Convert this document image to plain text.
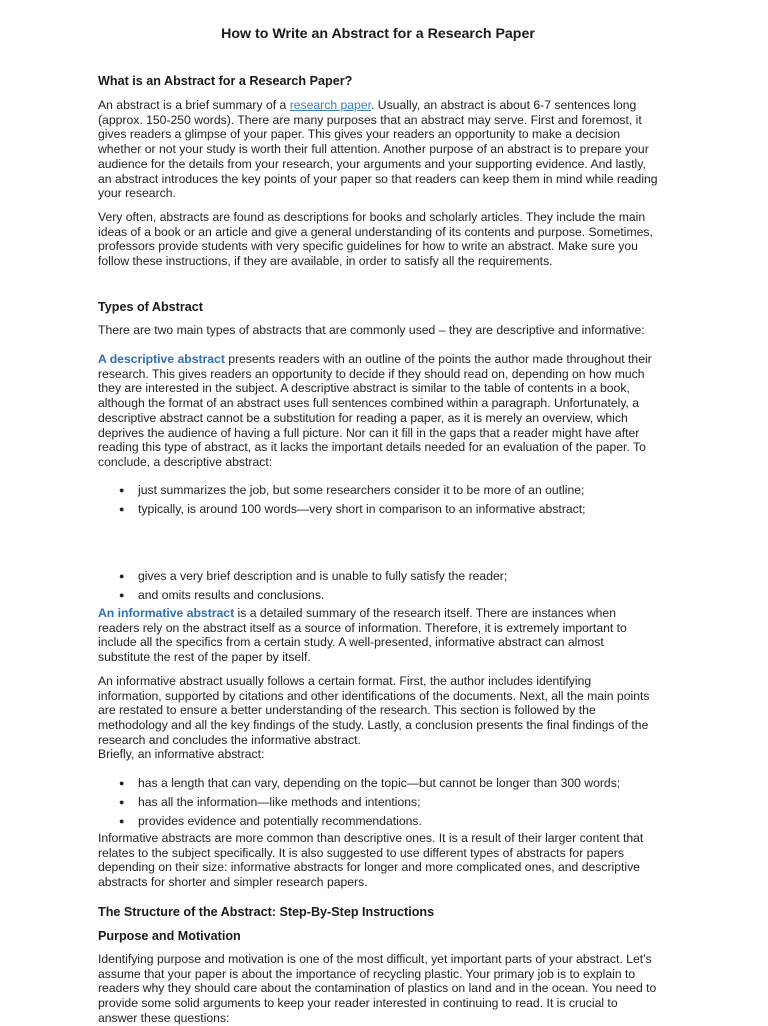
How to Write an Abstract for a Research Paper
What is an Abstract for a Research Paper?

An abstract is a brief summary of a research paper. Usually, an abstract is about 6-7 sentences long (approx. 150-250 words). There are many purposes that an abstract may serve. First and foremost, it gives readers a glimpse of your paper. This gives your readers an opportunity to make a decision whether or not your study is worth their full attention. Another purpose of an abstract is to prepare your audience for the details from your research, your arguments and your supporting evidence. And lastly, an abstract introduces the key points of your paper so that readers can keep them in mind while reading your research.

Very often, abstracts are found as descriptions for books and scholarly articles. They include the main ideas of a book or an article and give a general understanding of its contents and purpose. Sometimes, professors provide students with very specific guidelines for how to write an abstract. Make sure you follow these instructions, if they are available, in order to satisfy all the requirements.

Types of Abstract

There are two main types of abstracts that are commonly used – they are descriptive and informative:

A descriptive abstract presents readers with an outline of the points the author made throughout their research. This gives readers an opportunity to decide if they should read on, depending on how much they are interested in the subject. A descriptive abstract is similar to the table of contents in a book, although the format of an abstract uses full sentences combined within a paragraph. Unfortunately, a descriptive abstract cannot be a substitution for reading a paper, as it is merely an overview, which deprives the audience of having a full picture. Nor can it fill in the gaps that a reader might have after reading this type of abstract, as it lacks the important details needed for an evaluation of the paper. To conclude, a descriptive abstract:

● just summarizes the job, but some researchers consider it to be more of an outline;
● typically, is around 100 words—very short in comparison to an informative abstract;
● gives a very brief description and is unable to fully satisfy the reader;
● and omits results and conclusions.

An informative abstract is a detailed summary of the research itself. There are instances when readers rely on the abstract itself as a source of information. Therefore, it is extremely important to include all the specifics from a certain study. A well-presented, informative abstract can almost substitute the rest of the paper by itself.

An informative abstract usually follows a certain format. First, the author includes identifying information, supported by citations and other identifications of the documents. Next, all the main points are restated to ensure a better understanding of the research. This section is followed by the methodology and all the key findings of the study. Lastly, a conclusion presents the final findings of the research and concludes the informative abstract.

Briefly, an informative abstract:

● has a length that can vary, depending on the topic—but cannot be longer than 300 words;
● has all the information—like methods and intentions;
● provides evidence and potentially recommendations.

Informative abstracts are more common than descriptive ones. It is a result of their larger content that relates to the subject specifically. It is also suggested to use different types of abstracts for papers depending on their size: informative abstracts for longer and more complicated ones, and descriptive abstracts for shorter and simpler research papers.

The Structure of the Abstract: Step-By-Step Instructions
Purpose and Motivation

Identifying purpose and motivation is one of the most difficult, yet important parts of your abstract. Let’s assume that your paper is about the importance of recycling plastic. Your primary job is to explain to readers why they should care about the contamination of plastics on land and in the ocean. You need to provide some solid arguments to keep your reader interested in continuing to read. It is crucial to answer these questions:
